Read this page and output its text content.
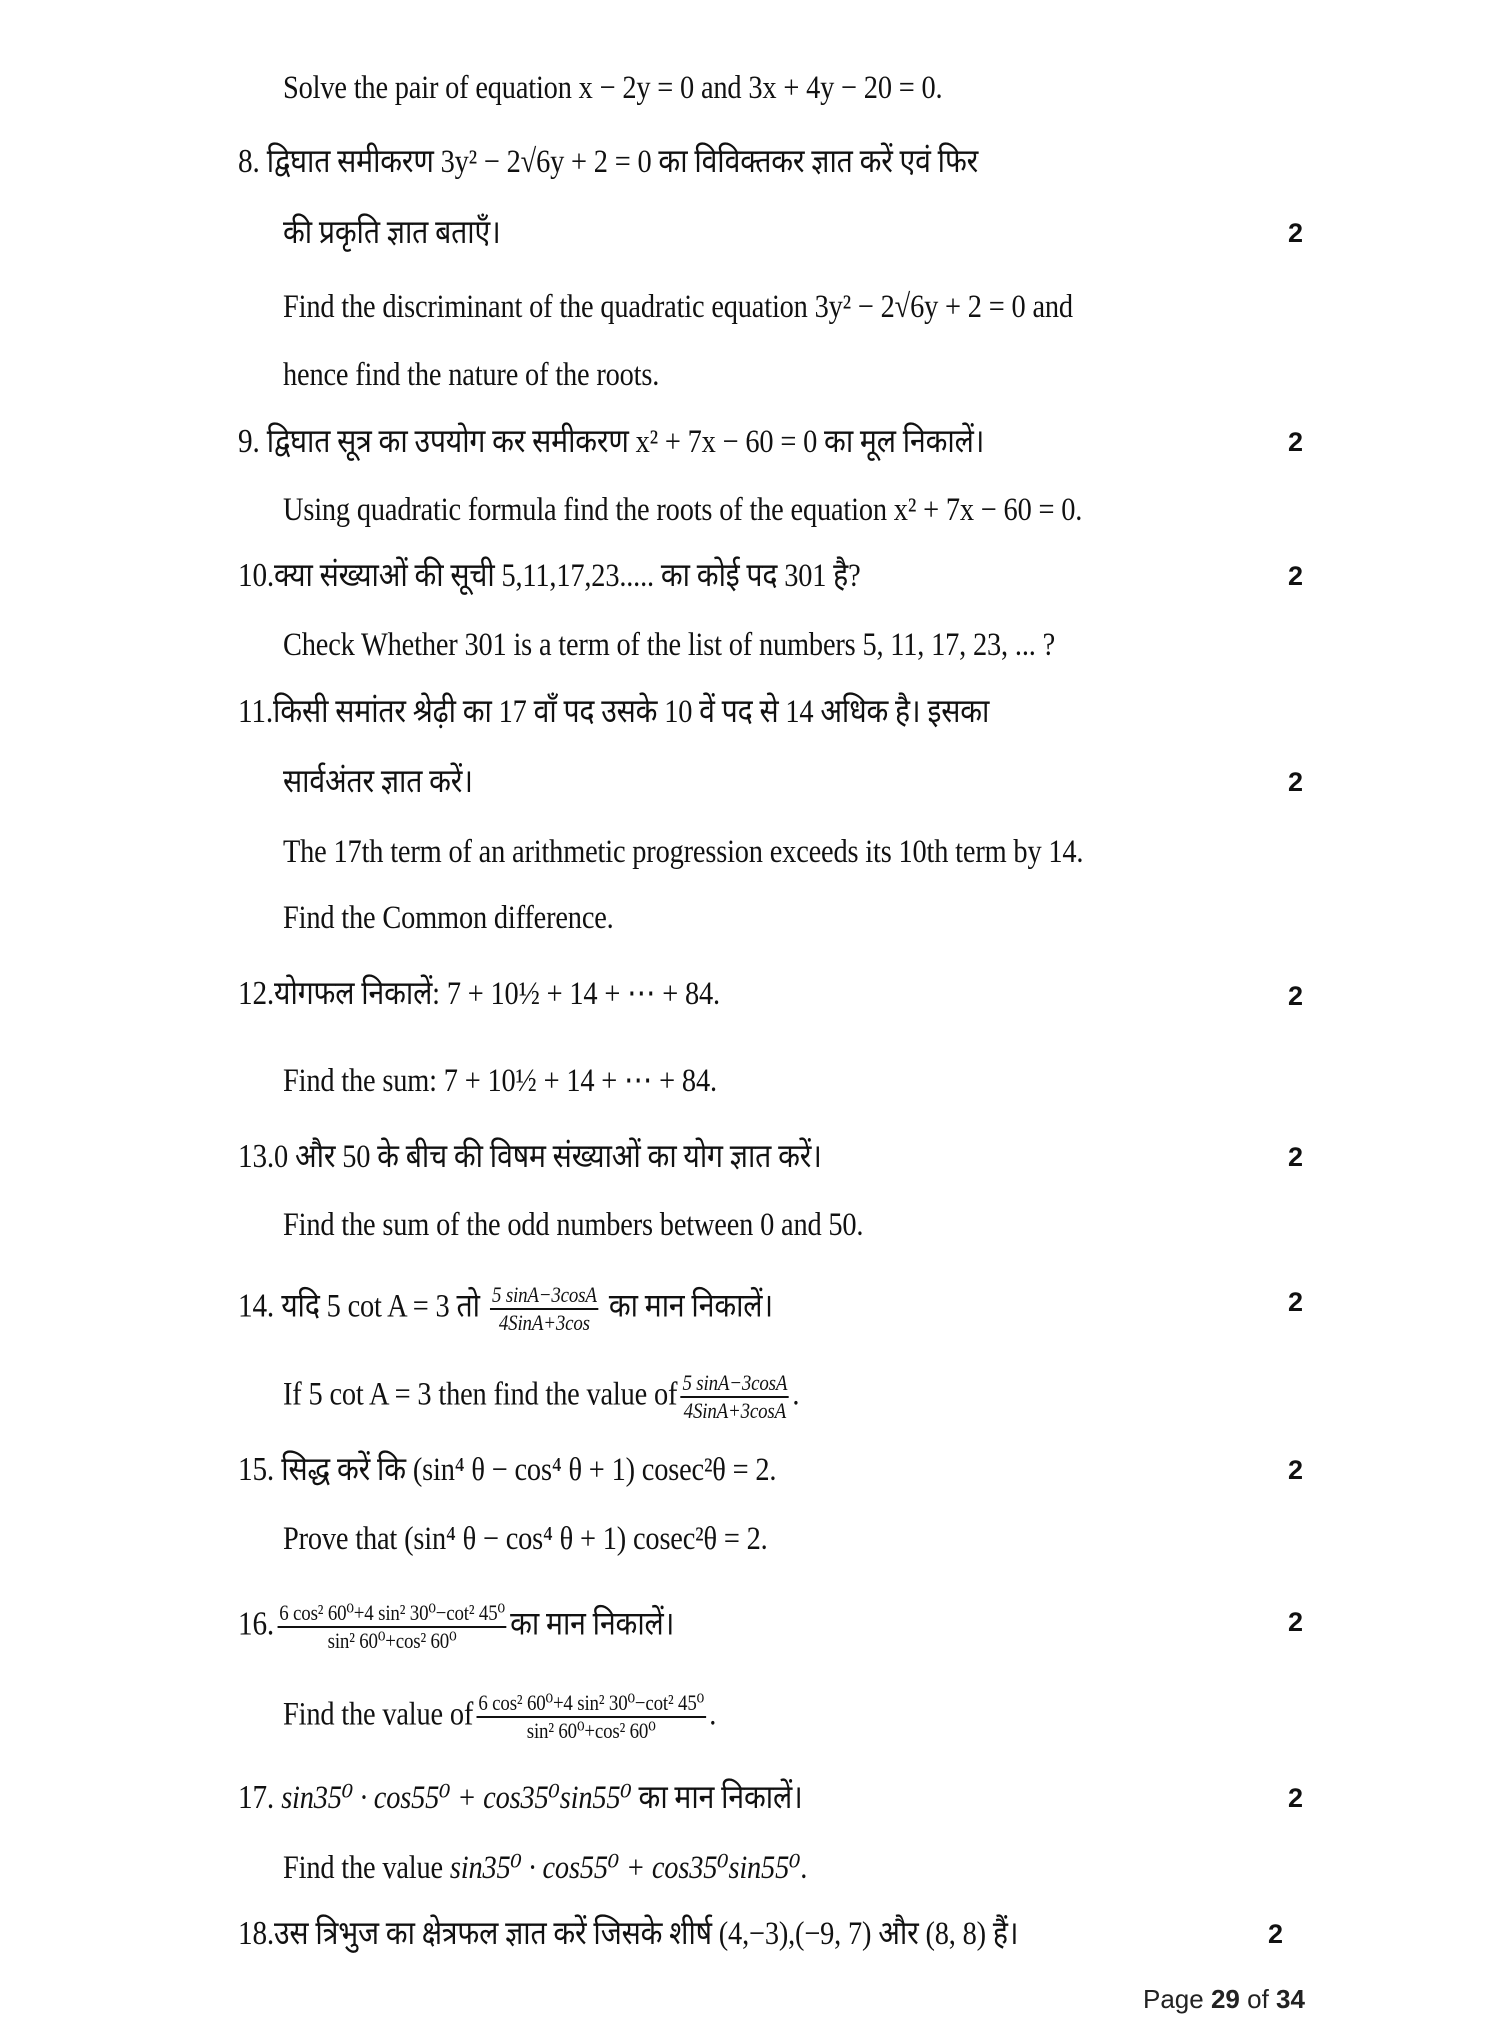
Solve the pair of equation x − 2y = 0 and 3x + 4y − 20 = 0.
8. द्विघात समीकरण 3y² − 2√6y + 2 = 0 का विविक्तकर ज्ञात करें एवं फिर
की प्रकृति ज्ञात बताएँ।	2
Find the discriminant of the quadratic equation 3y² − 2√6y + 2 = 0 and
hence find the nature of the roots.
9. द्विघात सूत्र का उपयोग कर समीकरण x² + 7x − 60 = 0 का मूल निकालें।	2
Using quadratic formula find the roots of the equation x² + 7x − 60 = 0.
10.क्या संख्याओं की सूची 5,11,17,23..... का कोई पद 301 है?	2
Check Whether 301 is a term of the list of numbers 5, 11, 17, 23, ... ?
11.किसी समांतर श्रेढ़ी का 17 वाँ पद उसके 10 वें पद से 14 अधिक है। इसका
सार्वअंतर ज्ञात करें।	2
The 17th term of an arithmetic progression exceeds its 10th term by 14.
Find the Common difference.
12.योगफल निकालें: 7 + 10½ + 14 + ⋯ + 84.	2
Find the sum: 7 + 10½ + 14 + ⋯ + 84.
13.0 और 50 के बीच की विषम संख्याओं का योग ज्ञात करें।	2
Find the sum of the odd numbers between 0 and 50.
14. यदि 5 cot A = 3 तो $\frac{5 \sin A-3\cos A}{\text{4SinA+3cos}}$ का मान निकालें।	2
If 5 cot A = 3 then find the value of $\frac{5 \sin A-3\cos A}{\text{4SinA+3cosA}}$ .
15. सिद्ध करें कि (sin⁴ θ − cos⁴ θ + 1) cosec²θ = 2.	2
Prove that (sin⁴ θ − cos⁴ θ + 1) cosec²θ = 2.
16. $\frac{\text{6 cos² 60⁰+4 sin² 30⁰−cot² 45⁰}}{\text{sin² 60⁰+cos² 60⁰}}$ का मान निकालें।	2
Find the value of $\frac{\text{6 cos² 60⁰+4 sin² 30⁰−cot² 45⁰}}{\text{sin² 60⁰+cos² 60⁰}}$ .
17. sin35⁰ · cos55⁰ + cos35⁰sin55⁰ का मान निकालें।	2
Find the value sin35⁰ · cos55⁰ + cos35⁰sin55⁰.
18.उस त्रिभुज का क्षेत्रफल ज्ञात करें जिसके शीर्ष (4,−3),(−9, 7) और (8, 8) हैं।	2
Page 29 of 34
